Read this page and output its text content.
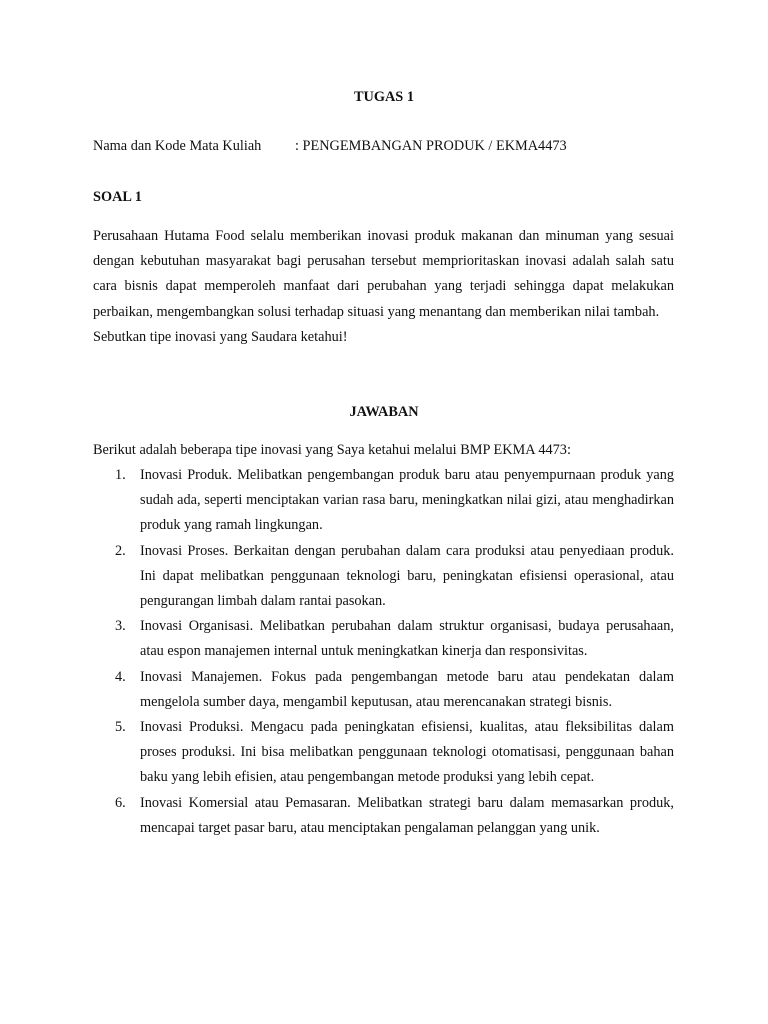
TUGAS 1
Nama dan Kode Mata Kuliah : PENGEMBANGAN PRODUK / EKMA4473
SOAL 1

Perusahaan Hutama Food selalu memberikan inovasi produk makanan dan minuman yang sesuai dengan kebutuhan masyarakat bagi perusahan tersebut memprioritaskan inovasi adalah salah satu cara bisnis dapat memperoleh manfaat dari perubahan yang terjadi sehingga dapat melakukan perbaikan, mengembangkan solusi terhadap situasi yang menantang dan memberikan nilai tambah.

Sebutkan tipe inovasi yang Saudara ketahui!

JAWABAN
Berikut adalah beberapa tipe inovasi yang Saya ketahui melalui BMP EKMA 4473:
1. Inovasi Produk. Melibatkan pengembangan produk baru atau penyempurnaan produk yang sudah ada, seperti menciptakan varian rasa baru, meningkatkan nilai gizi, atau menghadirkan produk yang ramah lingkungan.
2. Inovasi Proses. Berkaitan dengan perubahan dalam cara produksi atau penyediaan produk. Ini dapat melibatkan penggunaan teknologi baru, peningkatan efisiensi operasional, atau pengurangan limbah dalam rantai pasokan.
3. Inovasi Organisasi. Melibatkan perubahan dalam struktur organisasi, budaya perusahaan, atau espon manajemen internal untuk meningkatkan kinerja dan responsivitas.
4. Inovasi Manajemen. Fokus pada pengembangan metode baru atau pendekatan dalam mengelola sumber daya, mengambil keputusan, atau merencanakan strategi bisnis.
5. Inovasi Produksi. Mengacu pada peningkatan efisiensi, kualitas, atau fleksibilitas dalam proses produksi. Ini bisa melibatkan penggunaan teknologi otomatisasi, penggunaan bahan baku yang lebih efisien, atau pengembangan metode produksi yang lebih cepat.
6. Inovasi Komersial atau Pemasaran. Melibatkan strategi baru dalam memasarkan produk, mencapai target pasar baru, atau menciptakan pengalaman pelanggan yang unik.
